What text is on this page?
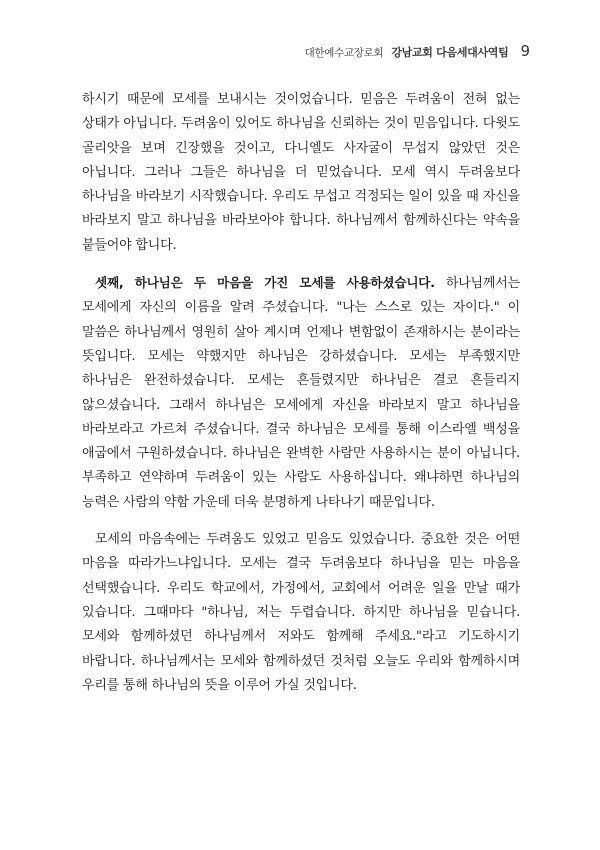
대한예수교장로회 강남교회 다음세대사역팀 9

하시기 때문에 모세를 보내시는 것이었습니다. 믿음은 두려움이 전혀 없는 상태가 아닙니다. 두려움이 있어도 하나님을 신뢰하는 것이 믿음입니다. 다윗도 골리앗을 보며 긴장했을 것이고, 다니엘도 사자굴이 무섭지 않았던 것은 아닙니다. 그러나 그들은 하나님을 더 믿었습니다. 모세 역시 두려움보다 하나님을 바라보기 시작했습니다. 우리도 무섭고 걱정되는 일이 있을 때 자신을 바라보지 말고 하나님을 바라보아야 합니다. 하나님께서 함께하신다는 약속을 붙들어야 합니다.

셋째, 하나님은 두 마음을 가진 모세를 사용하셨습니다. 하나님께서는 모세에게 자신의 이름을 알려 주셨습니다. "나는 스스로 있는 자이다." 이 말씀은 하나님께서 영원히 살아 계시며 언제나 변함없이 존재하시는 분이라는 뜻입니다. 모세는 약했지만 하나님은 강하셨습니다. 모세는 부족했지만 하나님은 완전하셨습니다. 모세는 흔들렸지만 하나님은 결코 흔들리지 않으셨습니다. 그래서 하나님은 모세에게 자신을 바라보지 말고 하나님을 바라보라고 가르쳐 주셨습니다. 결국 하나님은 모세를 통해 이스라엘 백성을 애굽에서 구원하셨습니다. 하나님은 완벽한 사람만 사용하시는 분이 아닙니다. 부족하고 연약하며 두려움이 있는 사람도 사용하십니다. 왜냐하면 하나님의 능력은 사람의 약함 가운데 더욱 분명하게 나타나기 때문입니다.

모세의 마음속에는 두려움도 있었고 믿음도 있었습니다. 중요한 것은 어떤 마음을 따라가느냐입니다. 모세는 결국 두려움보다 하나님을 믿는 마음을 선택했습니다. 우리도 학교에서, 가정에서, 교회에서 어려운 일을 만날 때가 있습니다. 그때마다 "하나님, 저는 두렵습니다. 하지만 하나님을 믿습니다. 모세와 함께하셨던 하나님께서 저와도 함께해 주세요."라고 기도하시기 바랍니다. 하나님께서는 모세와 함께하셨던 것처럼 오늘도 우리와 함께하시며 우리를 통해 하나님의 뜻을 이루어 가실 것입니다.
